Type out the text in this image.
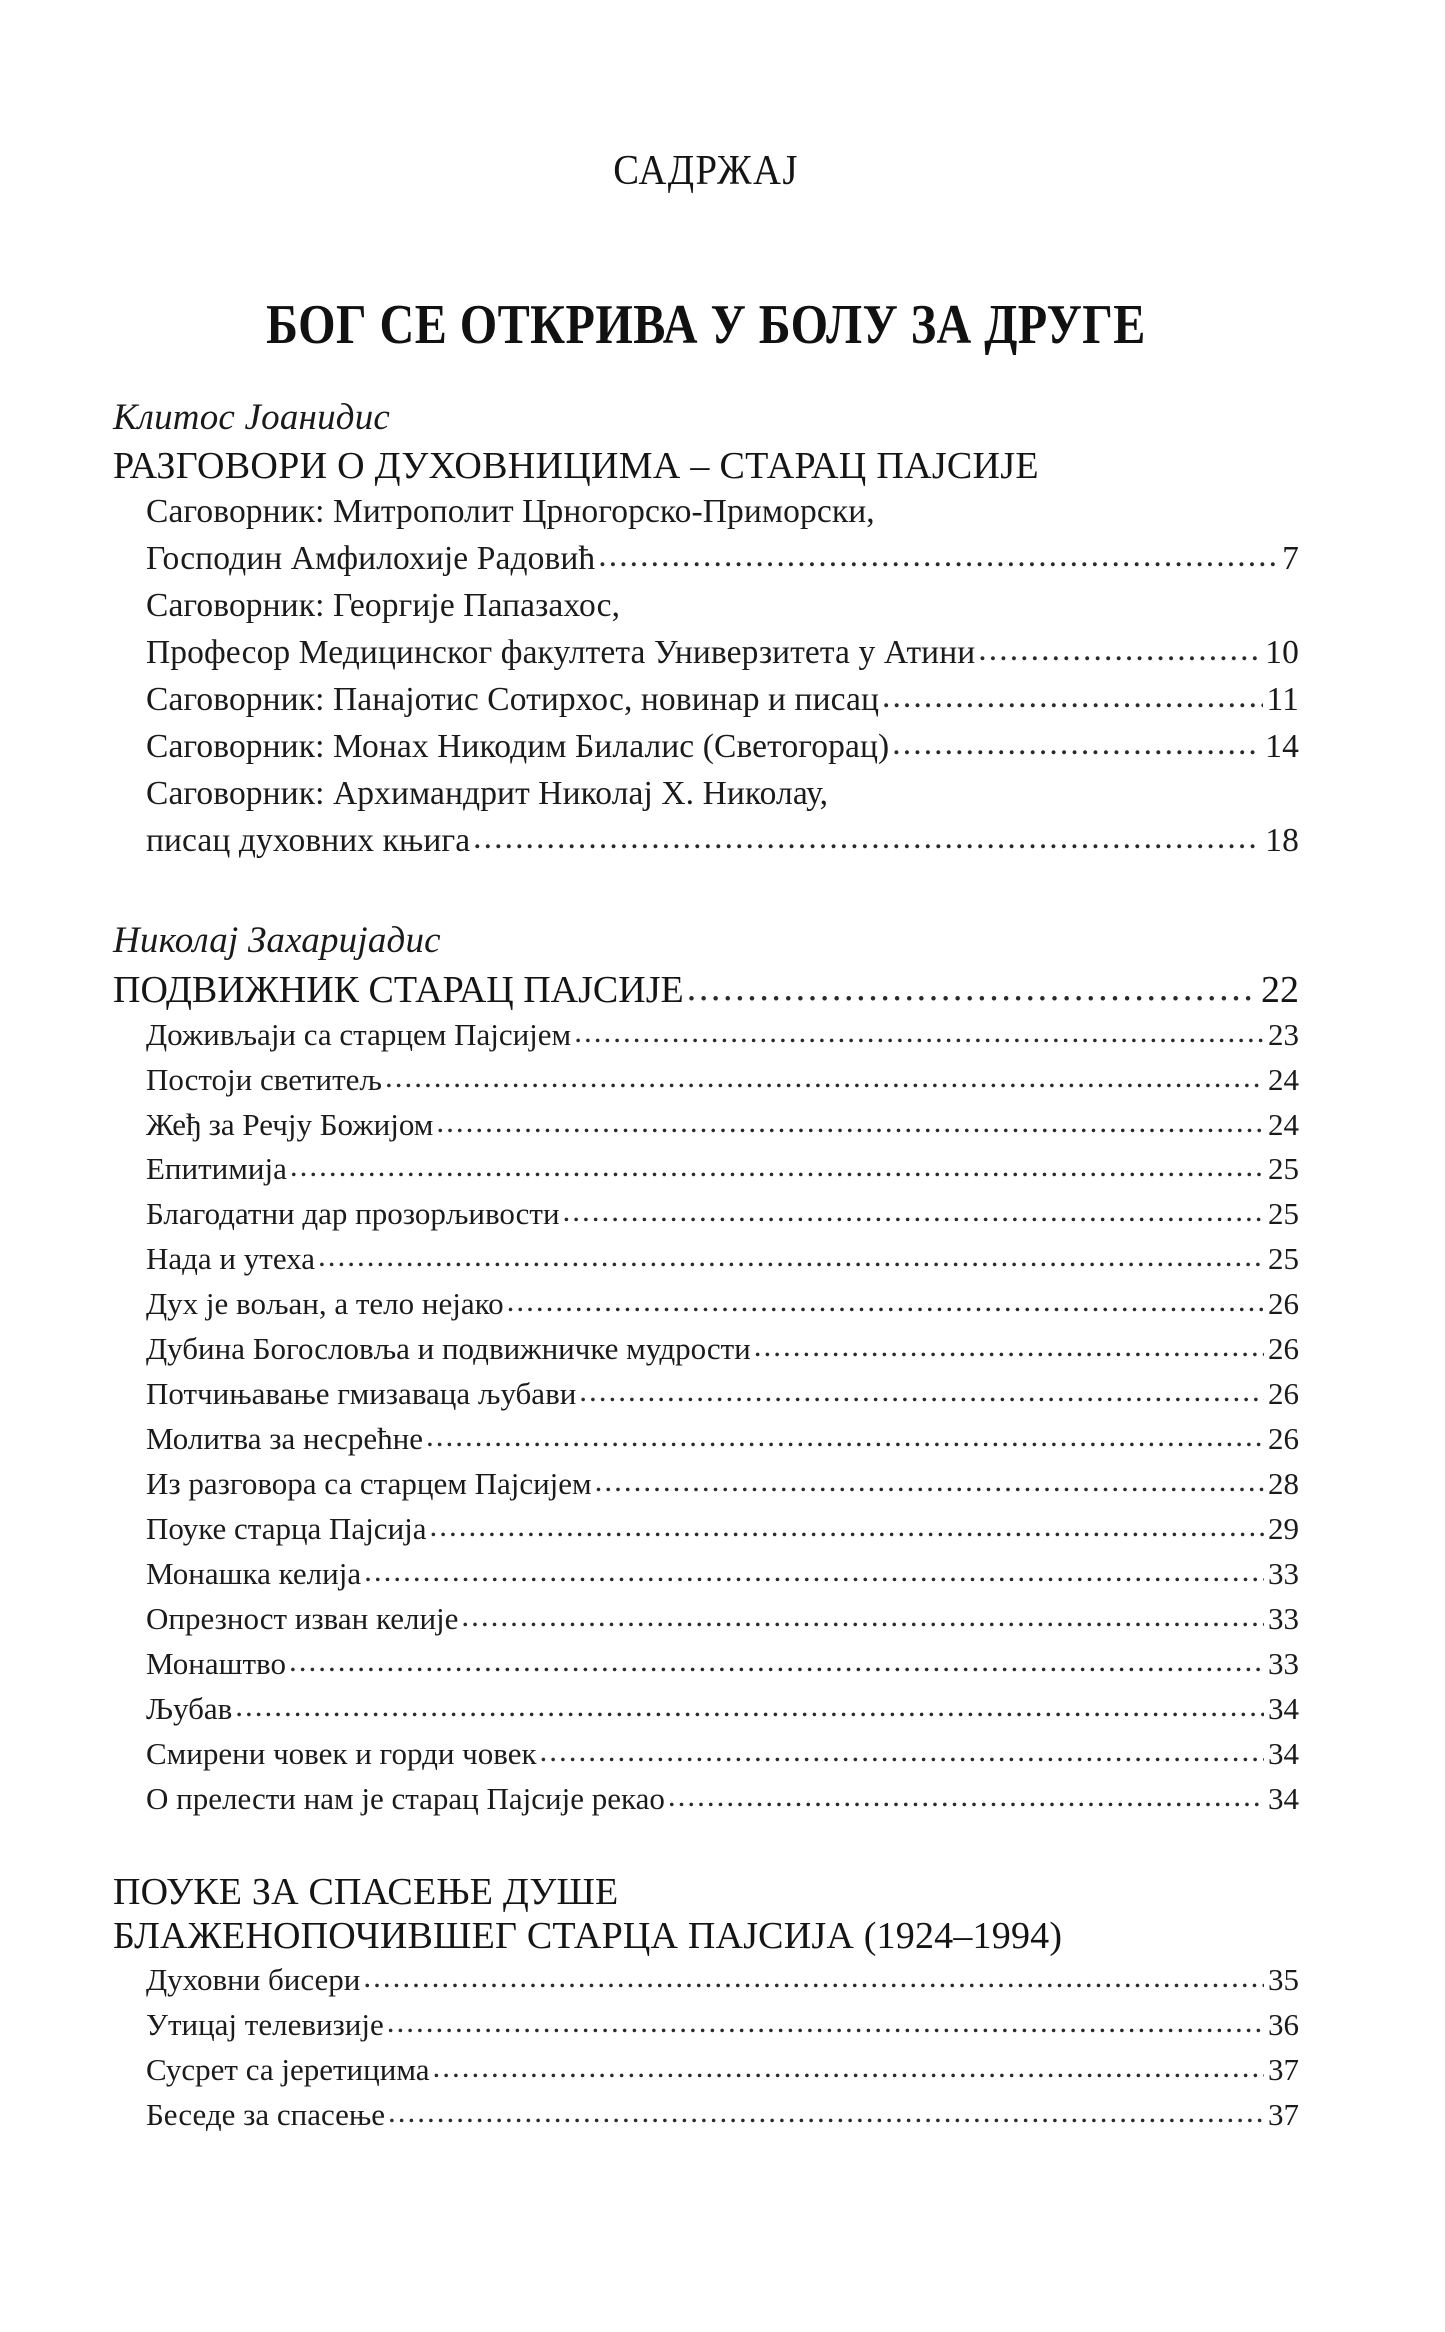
САДРЖАЈ
БОГ СЕ ОТКРИВА У БОЛУ ЗА ДРУГЕ
Клитос Јоанидис
РАЗГОВОРИ О ДУХОВНИЦИМА – СТАРАЦ ПАЈСИЈЕ
Саговорник: Митрополит Црногорско-Приморски,
Господин Амфилохије Радовић .....	7
Саговорник: Георгије Папазахос,
Професор Медицинског факултета Универзитета у Атини .....	10
Саговорник: Панајотис Сотирхос, новинар и писац .....	11
Саговорник: Монах Никодим Билалис (Светогорац) .....	14
Саговорник: Архимандрит Николај Х. Николау,
писац духовних књига .....	18
Николај Захаријадис
ПОДВИЖНИК СТАРАЦ ПАЈСИЈЕ .....	22
Доживљаји са старцем Пајсијем .....	23
Постоји светитељ .....	24
Жеђ за Речју Божијом .....	24
Епитимија .....	25
Благодатни дар прозорљивости .....	25
Нада и утеха .....	25
Дух је вољан, а тело нејако .....	26
Дубина Богословља и подвижничке мудрости .....	26
Потчињавање гмизаваца љубави .....	26
Молитва за несрећне .....	26
Из разговора са старцем Пајсијем .....	28
Поуке старца Пајсија .....	29
Монашка келија .....	33
Опрезност изван келије .....	33
Монаштво .....	33
Љубав .....	34
Смирени човек и горди човек .....	34
О прелести нам је старац Пајсије рекао .....	34
ПОУКЕ ЗА СПАСЕЊЕ ДУШЕ
БЛАЖЕНОПОЧИВШЕГ СТАРЦА ПАЈСИЈА (1924–1994)
Духовни бисери .....	35
Утицај телевизије .....	36
Сусрет са јеретицима .....	37
Беседе за спасење .....	37
